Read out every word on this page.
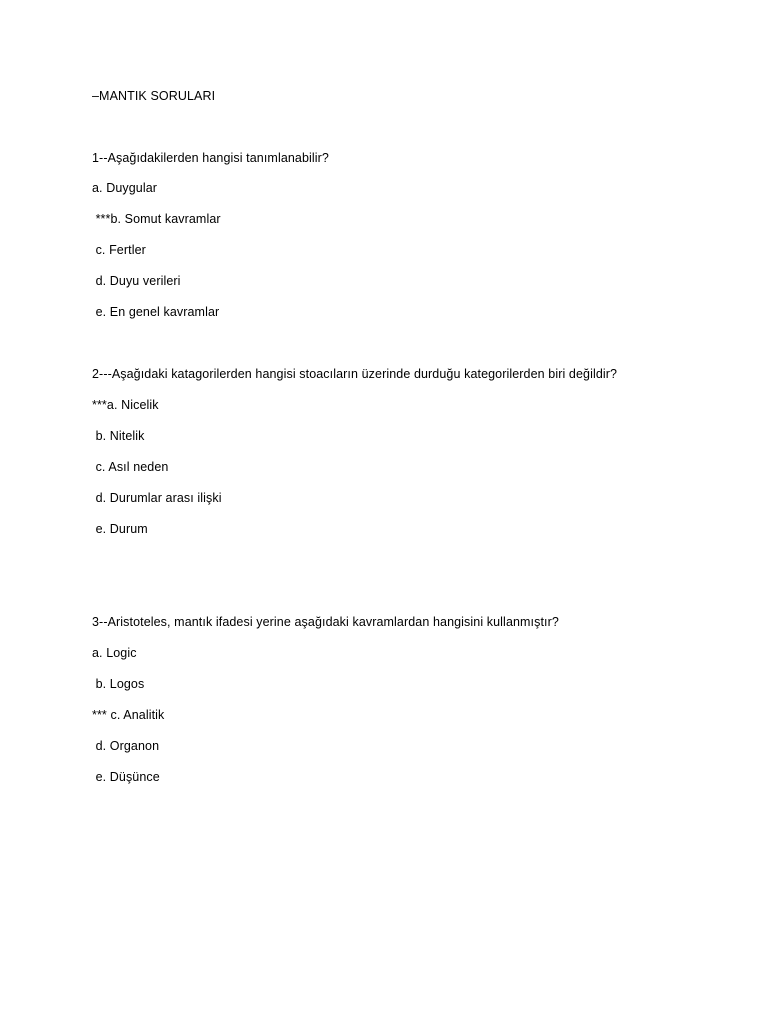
–MANTIK SORULARI
1--Aşağıdakilerden hangisi tanımlanabilir?
a. Duygular
***b. Somut kavramlar
c. Fertler
d. Duyu verileri
e. En genel kavramlar
2---Aşağıdaki katagorilerden hangisi stoacıların üzerinde durduğu kategorilerden biri değildir?
***a. Nicelik
b. Nitelik
c. Asıl neden
d. Durumlar arası ilişki
e. Durum
3--Aristoteles, mantık ifadesi yerine aşağıdaki kavramlardan hangisini kullanmıştır?
a. Logic
b. Logos
*** c. Analitik
d. Organon
e. Düşünce
